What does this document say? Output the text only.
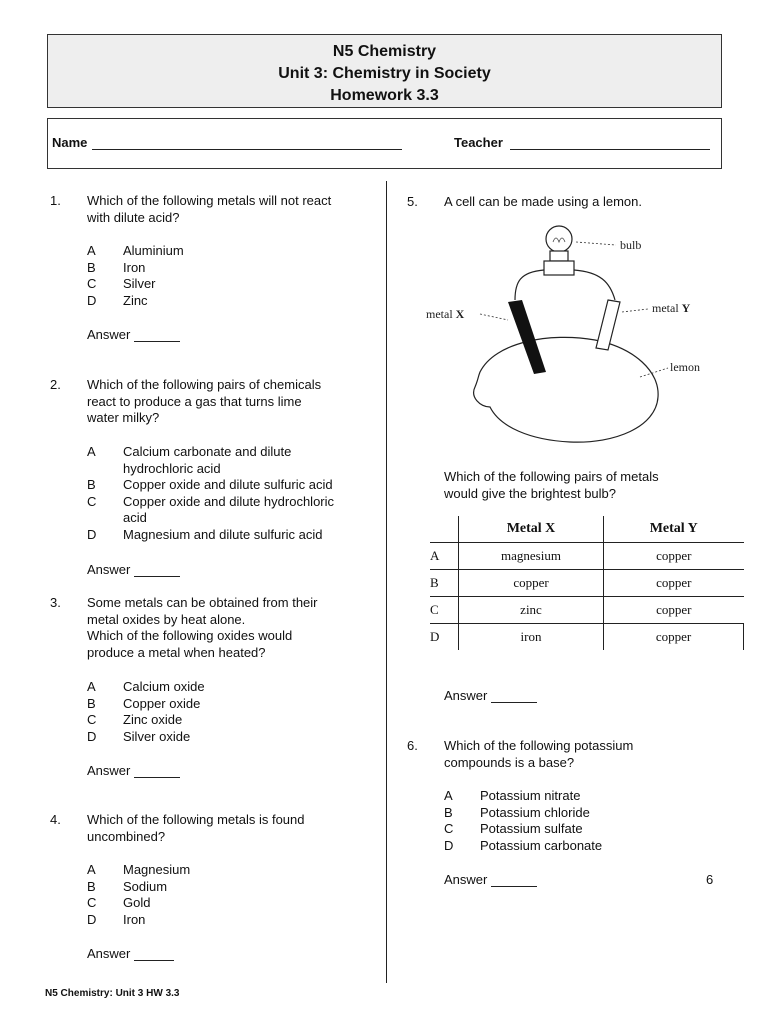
N5 Chemistry
Unit 3: Chemistry in Society
Homework 3.3
Name	Teacher
1. Which of the following metals will not react
with dilute acid?
A Aluminium
B Iron
C Silver
D Zinc
Answer
2. Which of the following pairs of chemicals
react to produce a gas that turns lime
water milky?
A Calcium carbonate and dilute
hydrochloric acid
B Copper oxide and dilute sulfuric acid
C Copper oxide and dilute hydrochloric
acid
D Magnesium and dilute sulfuric acid
Answer
3. Some metals can be obtained from their
metal oxides by heat alone.
Which of the following oxides would
produce a metal when heated?
A Calcium oxide
B Copper oxide
C Zinc oxide
D Silver oxide
Answer
4. Which of the following metals is found
uncombined?
A Magnesium
B Sodium
C Gold
D Iron
Answer
5. A cell can be made using a lemon.
bulb
metal X	metal Y
lemon
Which of the following pairs of metals
would give the brightest bulb?
	Metal X	Metal Y
A	magnesium	copper
B	copper	copper
C	zinc	copper
D	iron	copper
Answer
6. Which of the following potassium
compounds is a base?
A Potassium nitrate
B Potassium chloride
C Potassium sulfate
D Potassium carbonate
Answer	6
N5 Chemistry: Unit 3 HW 3.3
